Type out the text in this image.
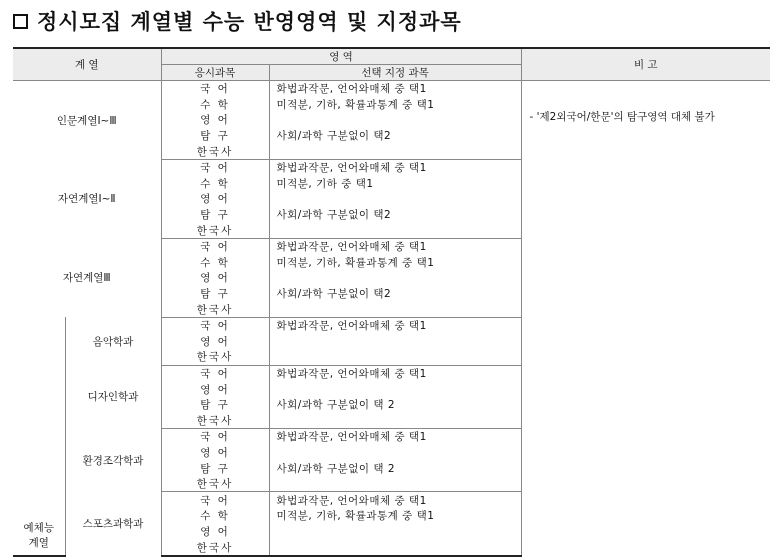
정시모집 계열별 수능 반영영역 및 지정과목
계 열		영 역		비 고
		응시과목	선택 지정 과목	
인문계열Ⅰ~Ⅲ		국 어	화법과작문, 언어와매체 중 택1	- '제2외국어/한문'의 탐구영역 대체 불가
		수 학	미적분, 기하, 확률과통계 중 택1	
		영 어		
		탐 구	사회/과학 구분없이 택2	
		한국사		
자연계열Ⅰ~Ⅱ		국 어	화법과작문, 언어와매체 중 택1	
		수 학	미적분, 기하 중 택1	
		영 어		
		탐 구	사회/과학 구분없이 택2	
		한국사		
자연계열Ⅲ		국 어	화법과작문, 언어와매체 중 택1	
		수 학	미적분, 기하, 확률과통계 중 택1	
		영 어		
		탐 구	사회/과학 구분없이 택2	
		한국사		
예체능 계열	음악학과	국 어	화법과작문, 언어와매체 중 택1	
		영 어		
		한국사		
	디자인학과	국 어	화법과작문, 언어와매체 중 택1	
		영 어		
		탐 구	사회/과학 구분없이 택 2	
		한국사		
	환경조각학과	국 어	화법과작문, 언어와매체 중 택1	
		영 어		
		탐 구	사회/과학 구분없이 택 2	
		한국사		
	스포츠과학과	국 어	화법과작문, 언어와매체 중 택1	
		수 학	미적분, 기하, 확률과통계 중 택1	
		영 어		
		한국사		
